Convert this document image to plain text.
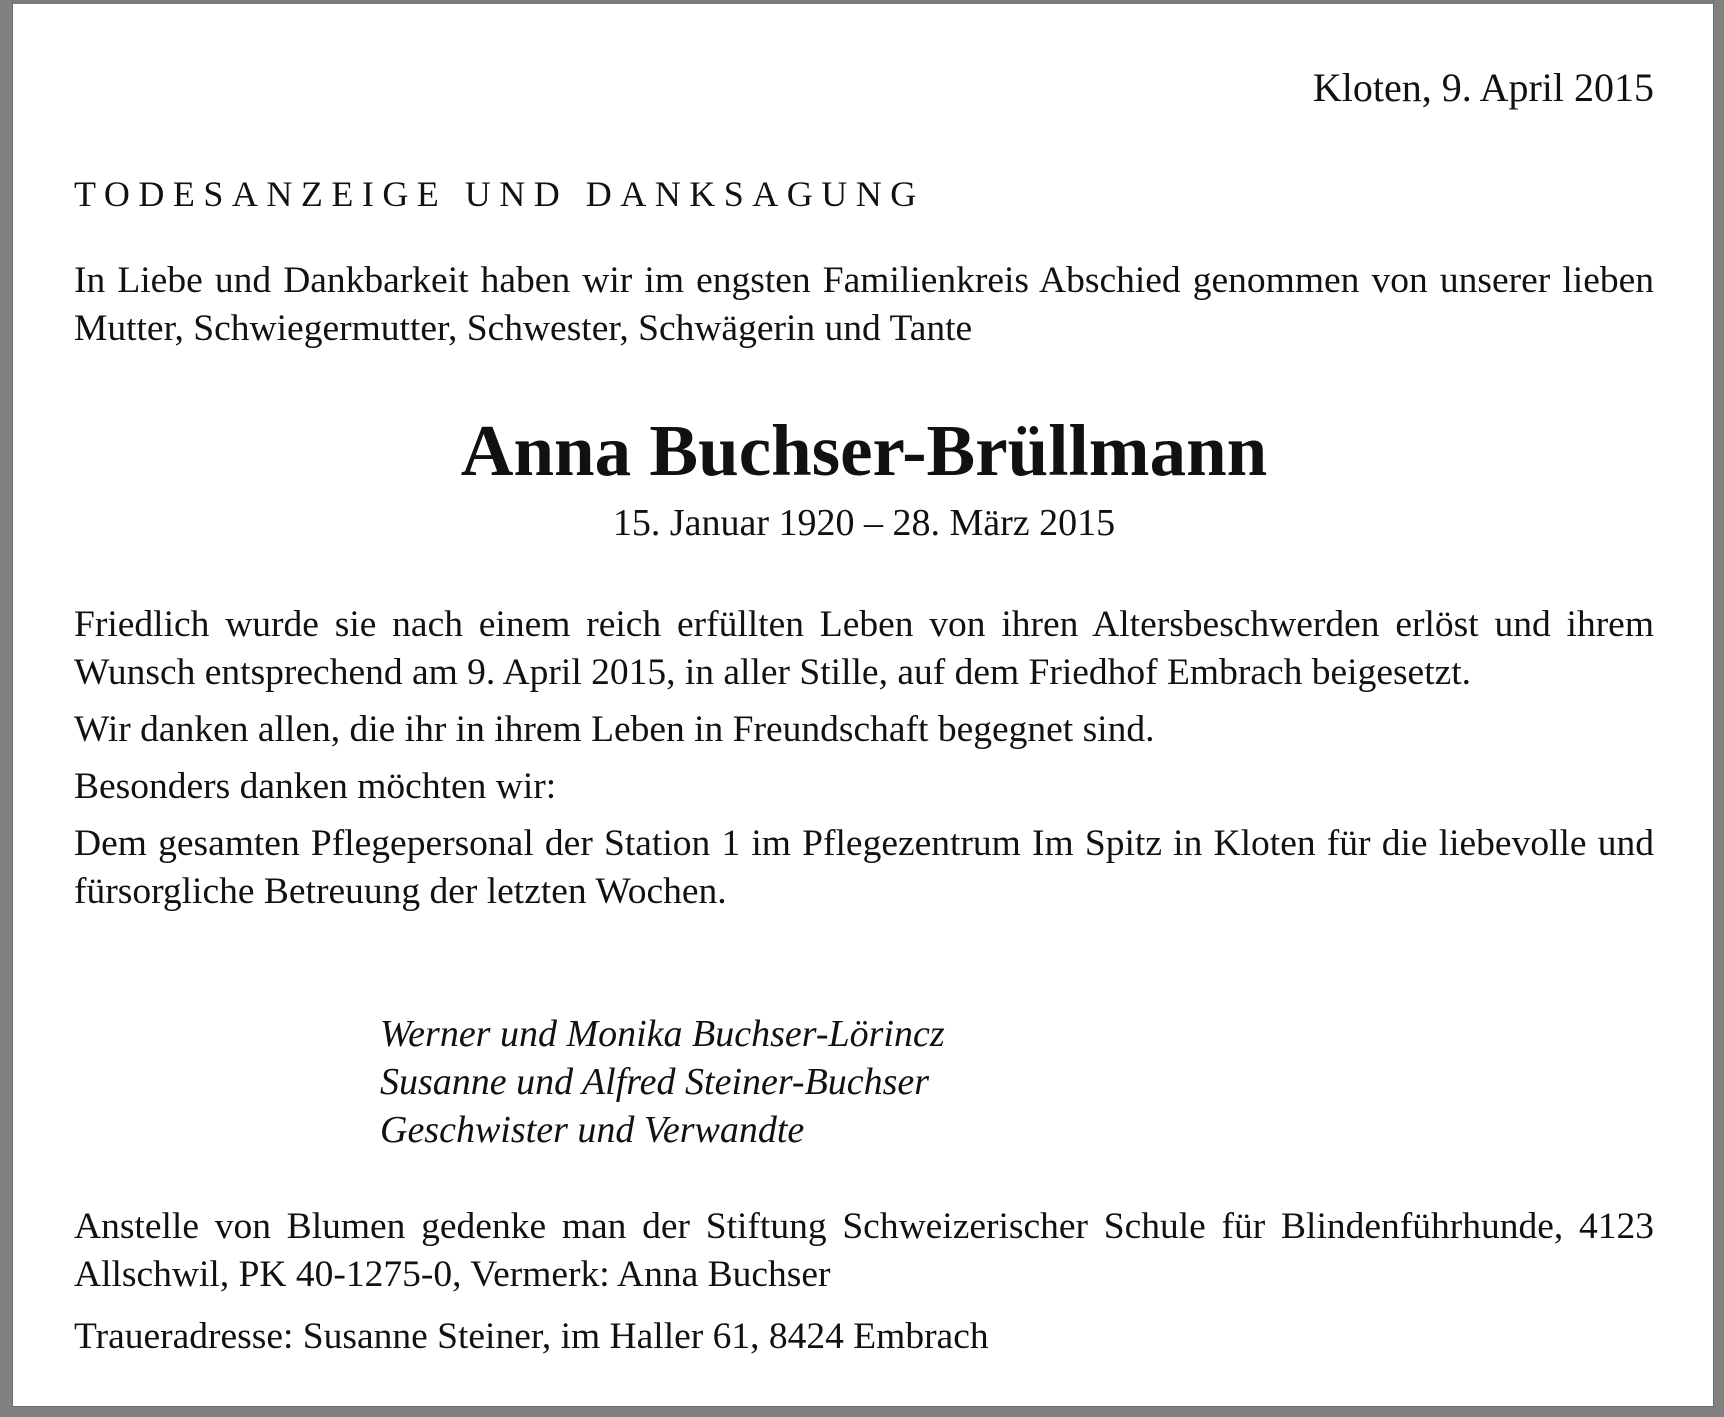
Kloten, 9. April 2015
TODESANZEIGE UND DANKSAGUNG
In Liebe und Dankbarkeit haben wir im engsten Familienkreis Abschied genommen von unserer lieben Mutter, Schwiegermutter, Schwester, Schwägerin und Tante
Anna Buchser-Brüllmann
15. Januar 1920 – 28. März 2015

Friedlich wurde sie nach einem reich erfüllten Leben von ihren Altersbeschwerden erlöst und ihrem Wunsch entsprechend am 9. April 2015, in aller Stille, auf dem Friedhof Embrach beigesetzt.

Wir danken allen, die ihr in ihrem Leben in Freundschaft begegnet sind.

Besonders danken möchten wir:

Dem gesamten Pflegepersonal der Station 1 im Pflegezentrum Im Spitz in Kloten für die liebevolle und fürsorgliche Betreuung der letzten Wochen.

Werner und Monika Buchser-Lörincz
Susanne und Alfred Steiner-Buchser
Geschwister und Verwandte

Anstelle von Blumen gedenke man der Stiftung Schweizerischer Schule für Blindenführhunde, 4123 Allschwil, PK 40-1275-0, Vermerk: Anna Buchser

Traueradresse: Susanne Steiner, im Haller 61, 8424 Embrach
